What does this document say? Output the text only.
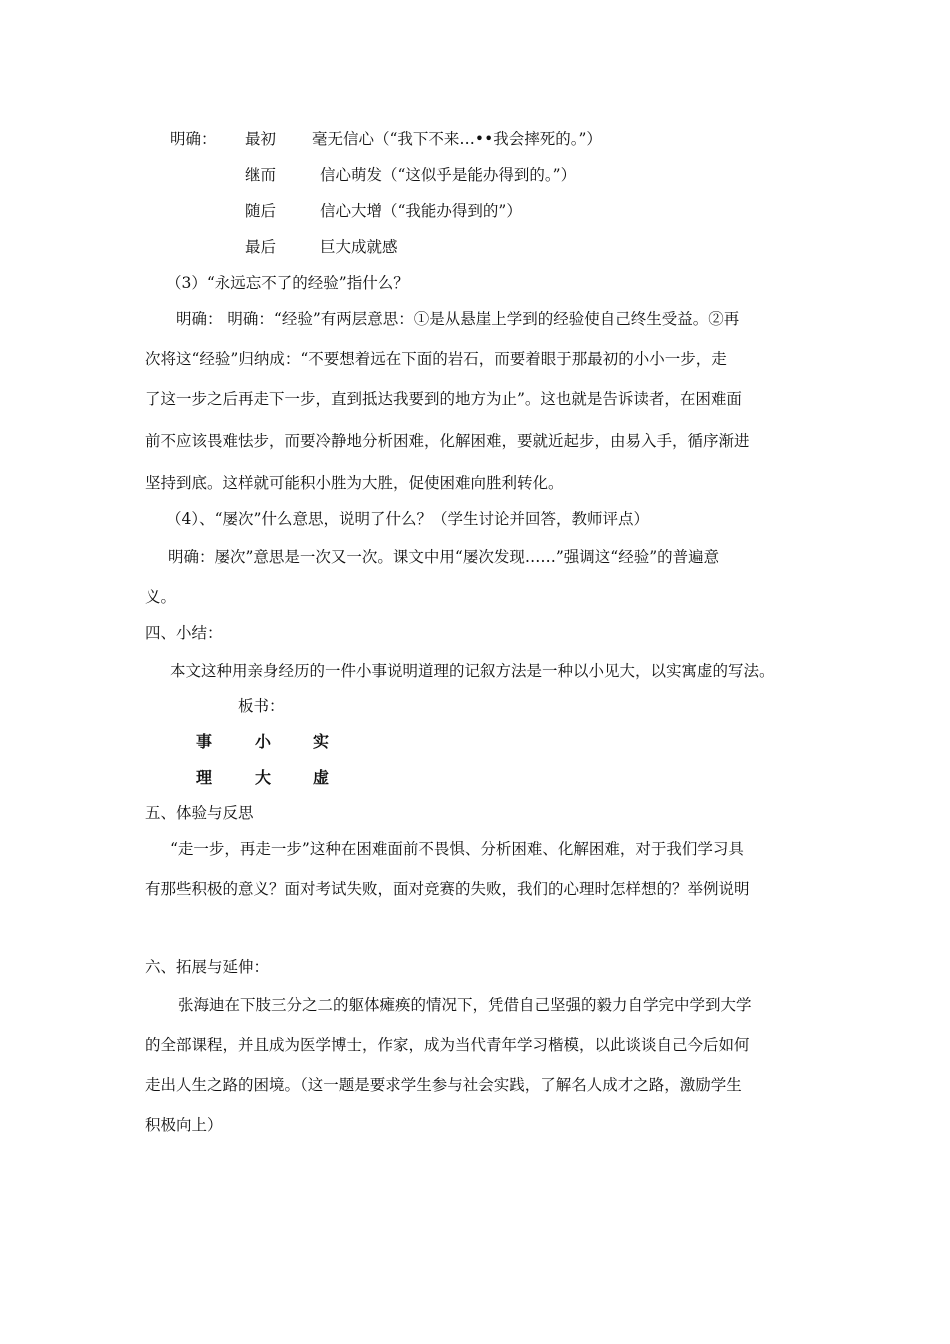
明确： 最初 毫无信心（“我下不来…••我会摔死的。”）
继而	信心萌发（“这似乎是能办得到的。”）
随后	信心大增（“我能办得到的”）
最后	巨大成就感
（3）“永远忘不了的经验”指什么？
明确： 明确：“经验”有两层意思：①是从悬崖上学到的经验使自己终生受益。②再
次将这“经验”归纳成：“不要想着远在下面的岩石，而要着眼于那最初的小小一步，走
了这一步之后再走下一步，直到抵达我要到的地方为止”。这也就是告诉读者，在困难面
前不应该畏难怯步，而要冷静地分析困难，化解困难，要就近起步，由易入手，循序渐进
坚持到底。这样就可能积小胜为大胜，促使困难向胜利转化。
（4）、“屡次”什么意思，说明了什么？（学生讨论并回答，教师评点）
明确：屡次”意思是一次又一次。课文中用“屡次发现……”强调这“经验”的普遍意
义。
四、小结：
本文这种用亲身经历的一件小事说明道理的记叙方法是一种以小见大，以实寓虚的写法。
板书：
事	小	实
理	大	虚
五、体验与反思
“走一步，再走一步”这种在困难面前不畏惧、分析困难、化解困难，对于我们学习具
有那些积极的意义？面对考试失败，面对竞赛的失败，我们的心理时怎样想的？举例说明
六、拓展与延伸：
张海迪在下肢三分之二的躯体瘫痪的情况下，凭借自己坚强的毅力自学完中学到大学
的全部课程，并且成为医学博士，作家，成为当代青年学习楷模，以此谈谈自己今后如何
走出人生之路的困境。（这一题是要求学生参与社会实践，了解名人成才之路，激励学生
积极向上）
